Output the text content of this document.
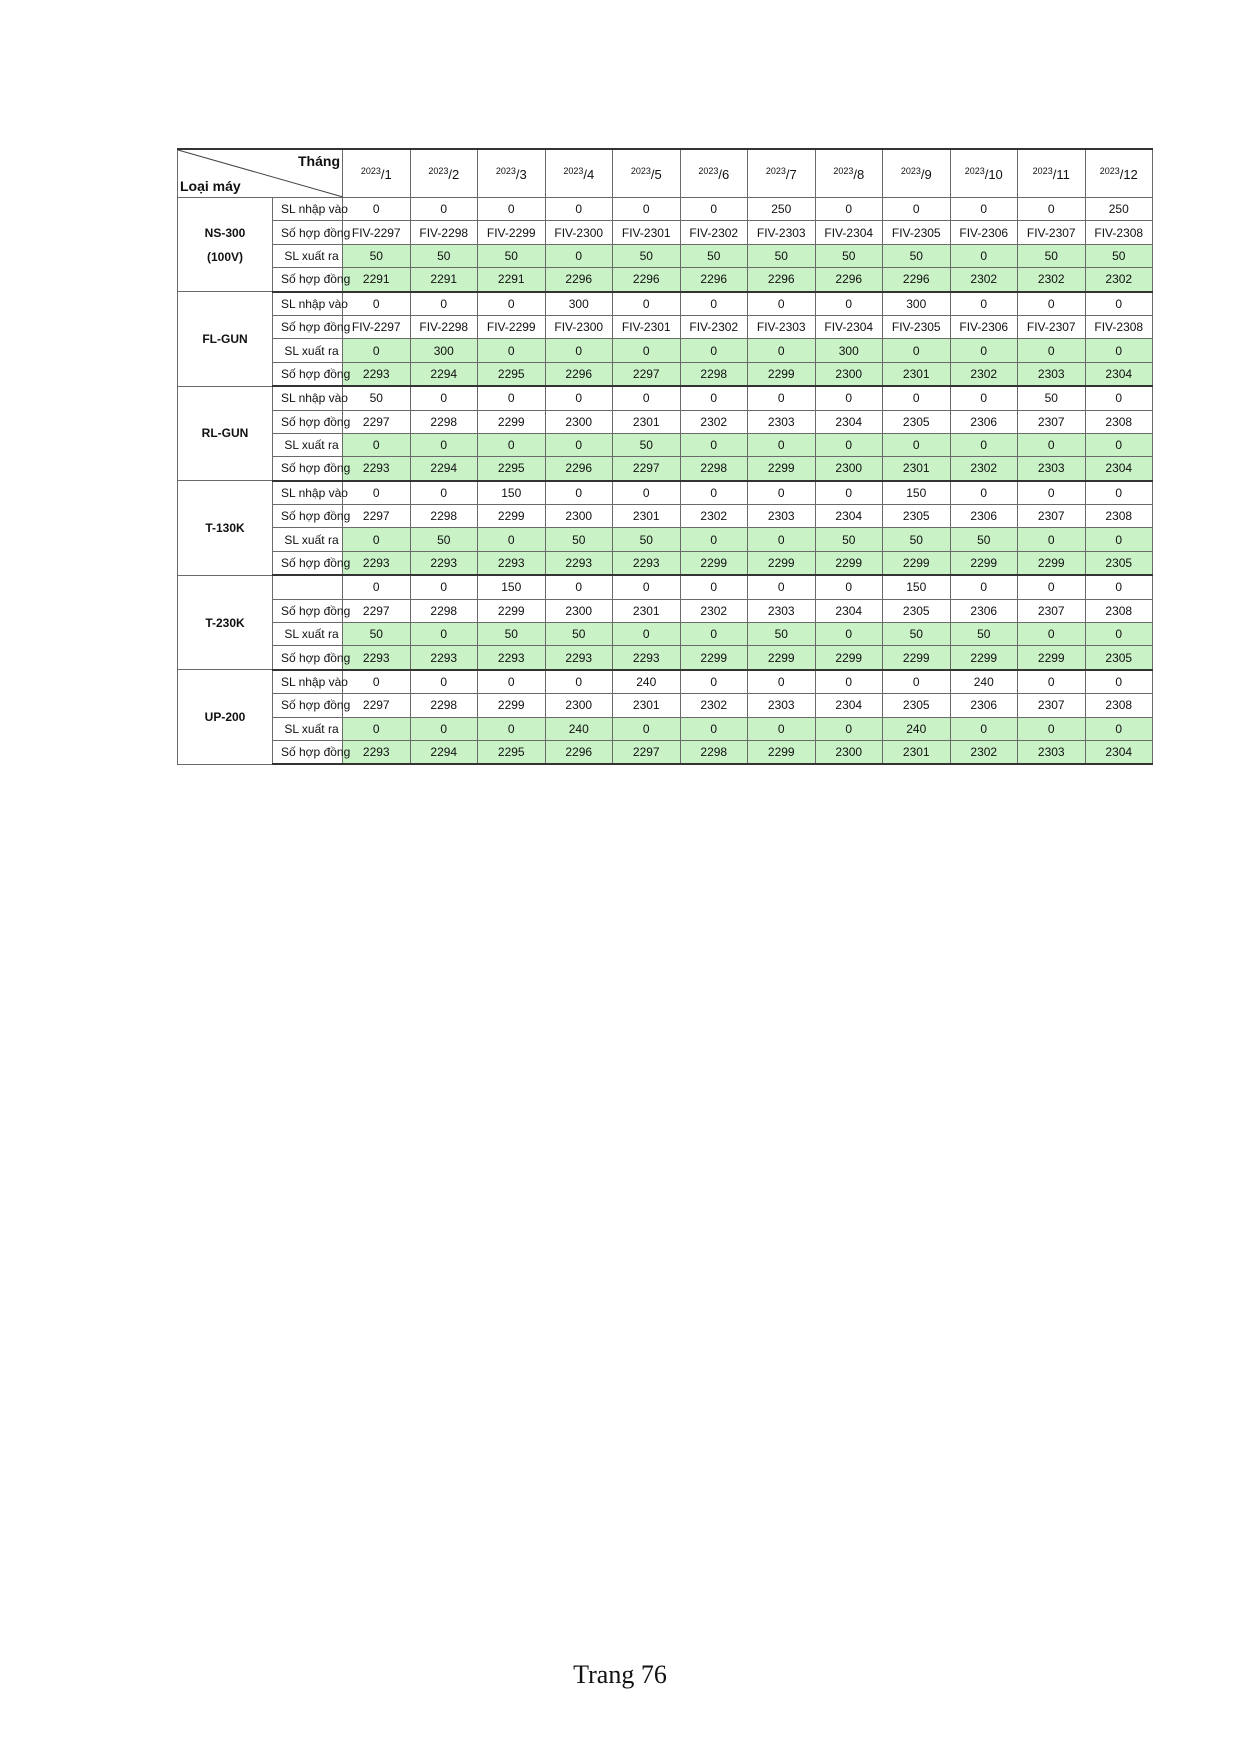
Tháng
Loại máy		$^{2023}$/1	$^{2023}$/2	$^{2023}$/3	$^{2023}$/4	$^{2023}$/5	$^{2023}$/6	$^{2023}$/7	$^{2023}$/8	$^{2023}$/9	$^{2023}$/10	$^{2023}$/11	$^{2023}$/12
NS-300
(100V)	SL nhập vào	0	0	0	0	0	0	250	0	0	0	0	250
	Số hợp đồng	FIV-2297	FIV-2298	FIV-2299	FIV-2300	FIV-2301	FIV-2302	FIV-2303	FIV-2304	FIV-2305	FIV-2306	FIV-2307	FIV-2308
	SL xuất ra	50	50	50	0	50	50	50	50	50	0	50	50
	Số hợp đồng	2291	2291	2291	2296	2296	2296	2296	2296	2296	2302	2302	2302
FL-GUN	SL nhập vào	0	0	0	300	0	0	0	0	300	0	0	0
	Số hợp đồng	FIV-2297	FIV-2298	FIV-2299	FIV-2300	FIV-2301	FIV-2302	FIV-2303	FIV-2304	FIV-2305	FIV-2306	FIV-2307	FIV-2308
	SL xuất ra	0	300	0	0	0	0	0	300	0	0	0	0
	Số hợp đồng	2293	2294	2295	2296	2297	2298	2299	2300	2301	2302	2303	2304
RL-GUN	SL nhập vào	50	0	0	0	0	0	0	0	0	0	50	0
	Số hợp đồng	2297	2298	2299	2300	2301	2302	2303	2304	2305	2306	2307	2308
	SL xuất ra	0	0	0	0	50	0	0	0	0	0	0	0
	Số hợp đồng	2293	2294	2295	2296	2297	2298	2299	2300	2301	2302	2303	2304
T-130K	SL nhập vào	0	0	150	0	0	0	0	0	150	0	0	0
	Số hợp đồng	2297	2298	2299	2300	2301	2302	2303	2304	2305	2306	2307	2308
	SL xuất ra	0	50	0	50	50	0	0	50	50	50	0	0
	Số hợp đồng	2293	2293	2293	2293	2293	2299	2299	2299	2299	2299	2299	2305
T-230K		0	0	150	0	0	0	0	0	150	0	0	0
	Số hợp đồng	2297	2298	2299	2300	2301	2302	2303	2304	2305	2306	2307	2308
	SL xuất ra	50	0	50	50	0	0	50	0	50	50	0	0
	Số hợp đồng	2293	2293	2293	2293	2293	2299	2299	2299	2299	2299	2299	2305
UP-200	SL nhập vào	0	0	0	0	240	0	0	0	0	240	0	0
	Số hợp đồng	2297	2298	2299	2300	2301	2302	2303	2304	2305	2306	2307	2308
	SL xuất ra	0	0	0	240	0	0	0	0	240	0	0	0
	Số hợp đồng	2293	2294	2295	2296	2297	2298	2299	2300	2301	2302	2303	2304
Trang 76
